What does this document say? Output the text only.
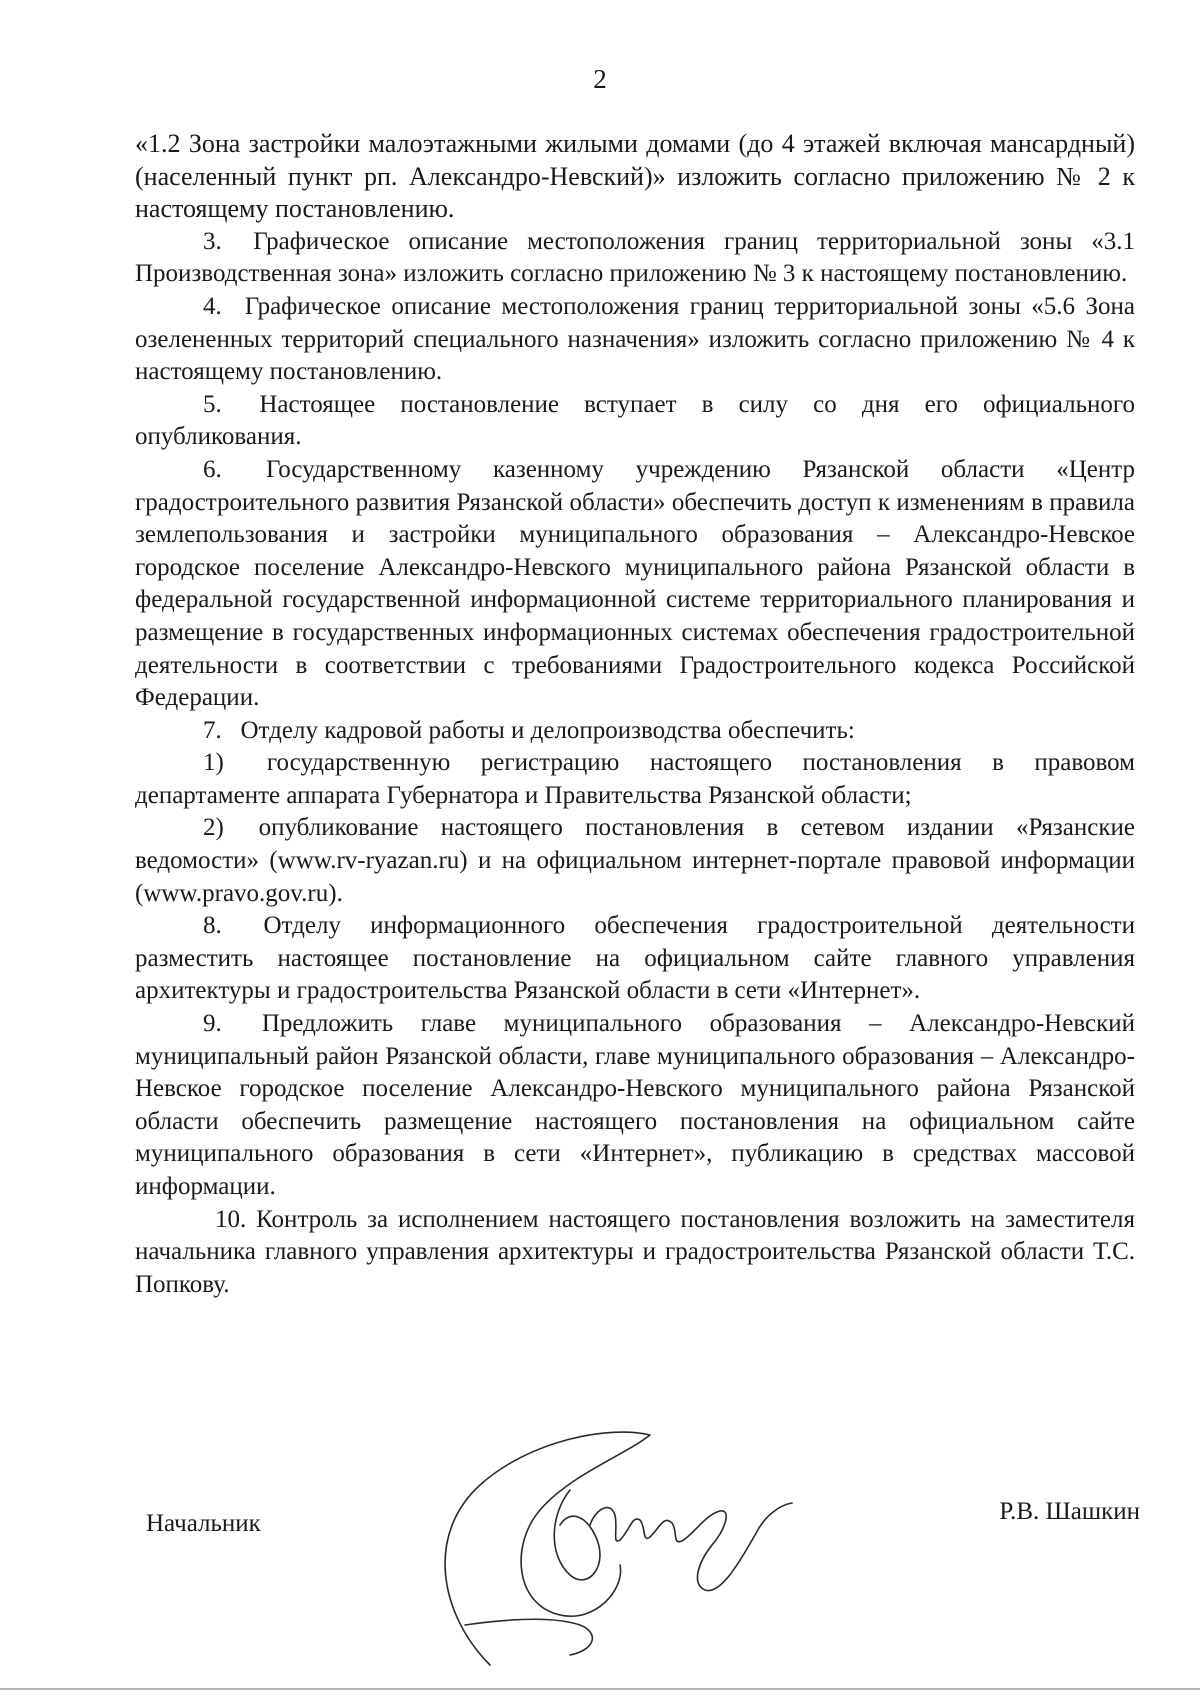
2

«1.2 Зона застройки малоэтажными жилыми домами (до 4 этажей включая мансардный) (населенный пункт рп. Александро-Невский)» изложить согласно приложению № 2 к настоящему постановлению.

3.  Графическое описание местоположения границ территориальной зоны «3.1 Производственная зона» изложить согласно приложению № 3 к настоящему постановлению.

4.  Графическое описание местоположения границ территориальной зоны «5.6 Зона озелененных территорий специального назначения» изложить согласно приложению № 4 к настоящему постановлению.

5.  Настоящее постановление вступает в силу со дня его официального опубликования.

6.  Государственному казенному учреждению Рязанской области «Центр градостроительного развития Рязанской области» обеспечить доступ к изменениям в правила землепользования и застройки муниципального образования – Александро-Невское городское поселение Александро-Невского муниципального района Рязанской области в федеральной государственной информационной системе территориального планирования и размещение в государственных информационных системах обеспечения градостроительной деятельности в соответствии с требованиями Градостроительного кодекса Российской Федерации.

7.  Отделу кадровой работы и делопроизводства обеспечить:

1)  государственную регистрацию настоящего постановления в правовом департаменте аппарата Губернатора и Правительства Рязанской области;

2)  опубликование настоящего постановления в сетевом издании «Рязанские ведомости» (www.rv-ryazan.ru) и на официальном интернет-портале правовой информации (www.pravo.gov.ru).

8.  Отделу информационного обеспечения градостроительной деятельности разместить настоящее постановление на официальном сайте главного управления архитектуры и градостроительства Рязанской области в сети «Интернет».

9.  Предложить главе муниципального образования – Александро-Невский муниципальный район Рязанской области, главе муниципального образования – Александро-Невское городское поселение Александро-Невского муниципального района Рязанской области обеспечить размещение настоящего постановления на официальном сайте муниципального образования в сети «Интернет», публикацию в средствах массовой информации.

10. Контроль за исполнением настоящего постановления возложить на заместителя начальника главного управления архитектуры и градостроительства Рязанской области Т.С. Попкову.

Начальник	Р.В. Шашкин
